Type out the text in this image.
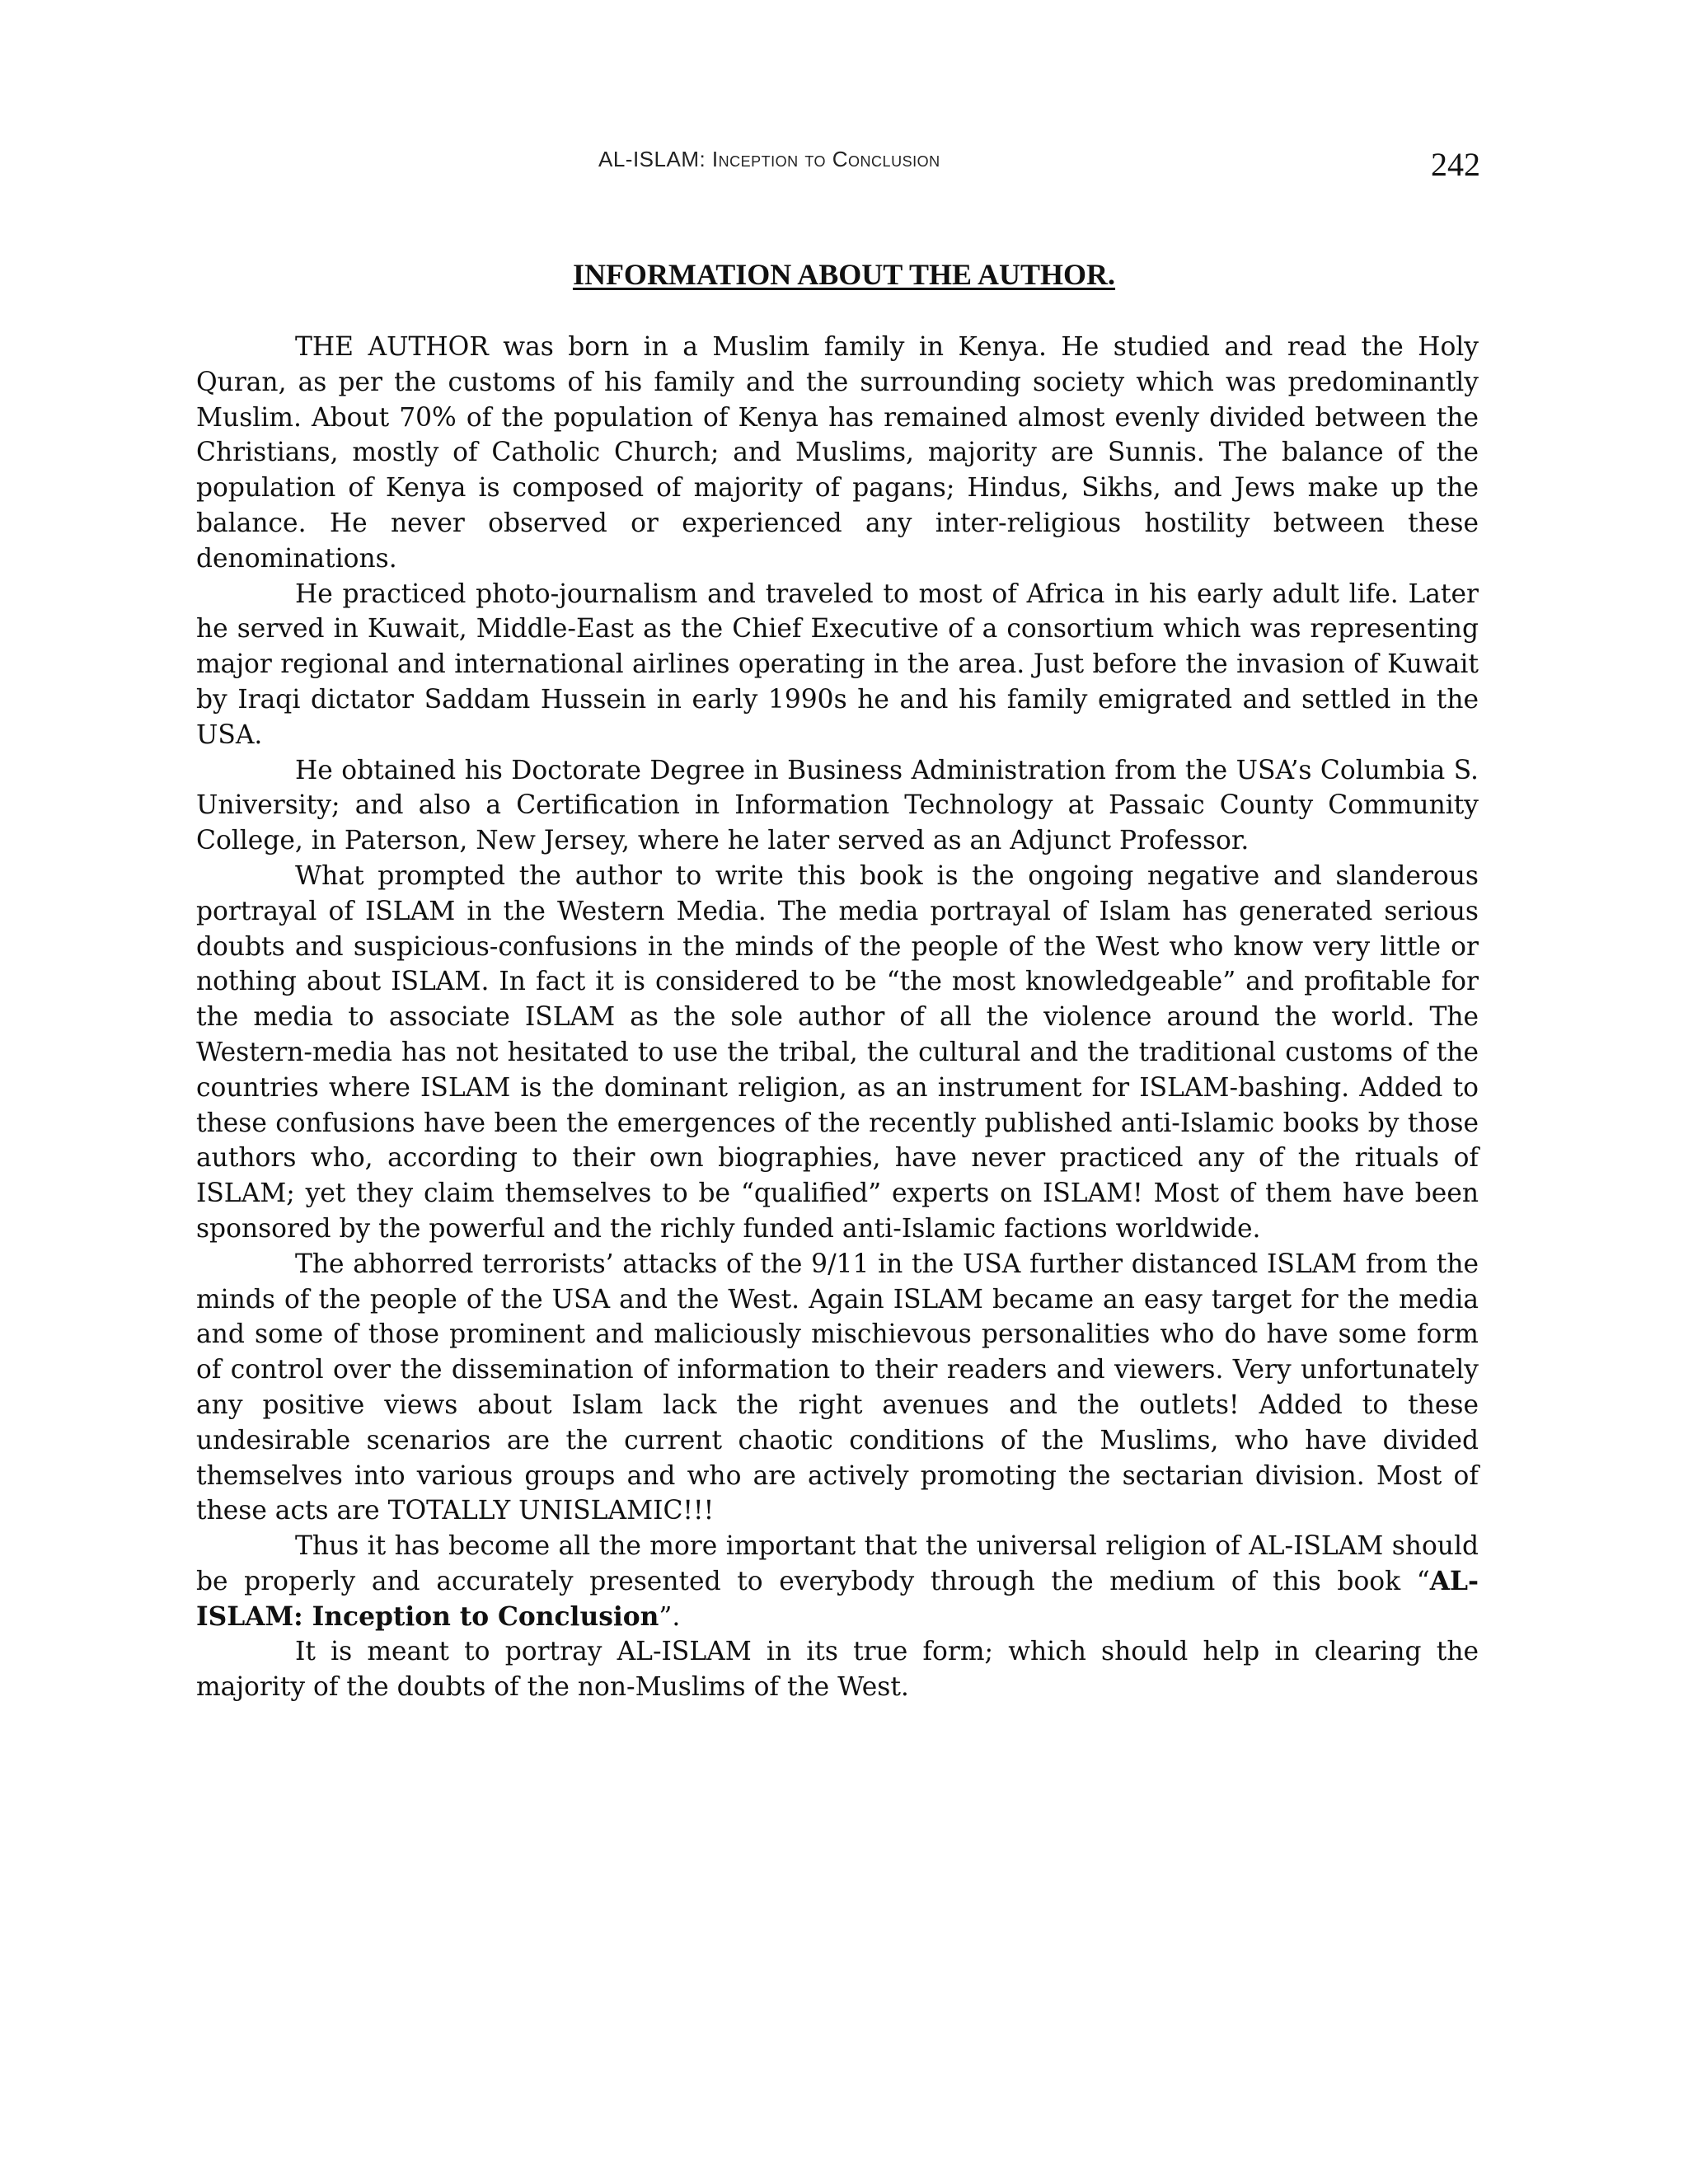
AL-ISLAM: Inception to Conclusion	242
INFORMATION ABOUT THE AUTHOR.

THE AUTHOR was born in a Muslim family in Kenya. He studied and read the Holy Quran, as per the customs of his family and the surrounding society which was predominantly Muslim. About 70% of the population of Kenya has remained almost evenly divided between the Christians, mostly of Catholic Church; and Muslims, majority are Sunnis. The balance of the population of Kenya is composed of majority of pagans; Hindus, Sikhs, and Jews make up the balance. He never observed or experienced any inter-religious hostility between these denominations.

He practiced photo-journalism and traveled to most of Africa in his early adult life. Later he served in Kuwait, Middle-East as the Chief Executive of a consortium which was representing major regional and international airlines operating in the area. Just before the invasion of Kuwait by Iraqi dictator Saddam Hussein in early 1990s he and his family emigrated and settled in the USA.

He obtained his Doctorate Degree in Business Administration from the USA’s Columbia S. University; and also a Certification in Information Technology at Passaic County Community College, in Paterson, New Jersey, where he later served as an Adjunct Professor.

What prompted the author to write this book is the ongoing negative and slanderous portrayal of ISLAM in the Western Media. The media portrayal of Islam has generated serious doubts and suspicious-confusions in the minds of the people of the West who know very little or nothing about ISLAM. In fact it is considered to be “the most knowledgeable” and profitable for the media to associate ISLAM as the sole author of all the violence around the world. The Western-media has not hesitated to use the tribal, the cultural and the traditional customs of the countries where ISLAM is the dominant religion, as an instrument for ISLAM-bashing. Added to these confusions have been the emergences of the recently published anti-Islamic books by those authors who, according to their own biographies, have never practiced any of the rituals of ISLAM; yet they claim themselves to be “qualified” experts on ISLAM! Most of them have been sponsored by the powerful and the richly funded anti-Islamic factions worldwide.

The abhorred terrorists’ attacks of the 9/11 in the USA further distanced ISLAM from the minds of the people of the USA and the West. Again ISLAM became an easy target for the media and some of those prominent and maliciously mischievous personalities who do have some form of control over the dissemination of information to their readers and viewers. Very unfortunately any positive views about Islam lack the right avenues and the outlets! Added to these undesirable scenarios are the current chaotic conditions of the Muslims, who have divided themselves into various groups and who are actively promoting the sectarian division. Most of these acts are TOTALLY UNISLAMIC!!!

Thus it has become all the more important that the universal religion of AL-ISLAM should be properly and accurately presented to everybody through the medium of this book “AL-ISLAM: Inception to Conclusion”.

It is meant to portray AL-ISLAM in its true form; which should help in clearing the majority of the doubts of the non-Muslims of the West.
